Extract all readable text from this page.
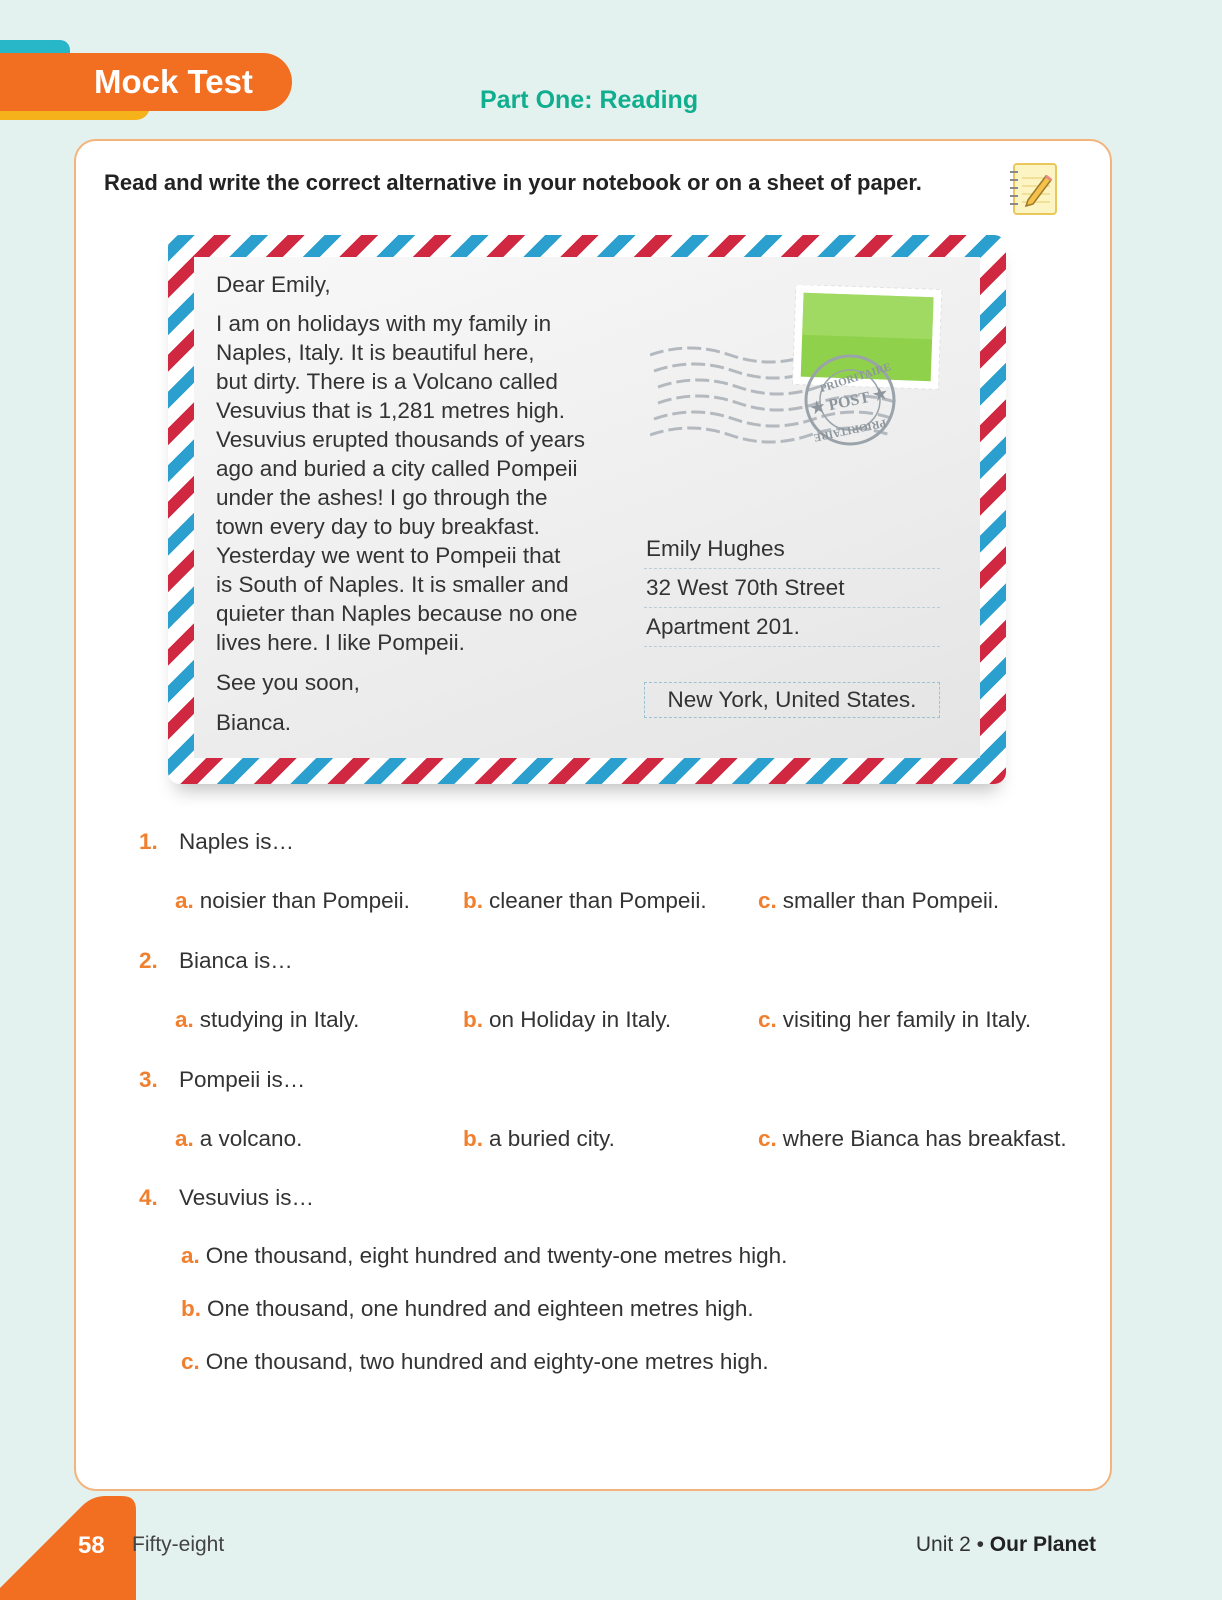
Mock Test	Part One: Reading
Read and write the correct alternative in your notebook or on a sheet of paper.

Dear Emily,

I am on holidays with my family in

Naples, Italy. It is beautiful here,

but dirty. There is a Volcano called

Vesuvius that is 1,281 metres high.

Vesuvius erupted thousands of years

ago and buried a city called Pompeii

under the ashes! I go through the

town every day to buy breakfast.

Yesterday we went to Pompeii that

is South of Naples. It is smaller and

quieter than Naples because no one

lives here. I like Pompeii.

See you soon,

Bianca.

PRIORITAIRE
★ POST ★
PRIORITAIRE
Emily Hughes
32 West 70th Street
Apartment 201.
New York, United States.
1. Naples is…
a. noisier than Pompeii. b. cleaner than Pompeii. c. smaller than Pompeii.
2. Bianca is…
a. studying in Italy.	b. on Holiday in Italy.	c. visiting her family in Italy.
3. Pompeii is…
a. a volcano.	b. a buried city.	c. where Bianca has breakfast.
4. Vesuvius is…
a. One thousand, eight hundred and twenty-one metres high.
b. One thousand, one hundred and eighteen metres high.
c. One thousand, two hundred and eighty-one metres high.
58 Fifty-eight	Unit 2 • Our Planet
